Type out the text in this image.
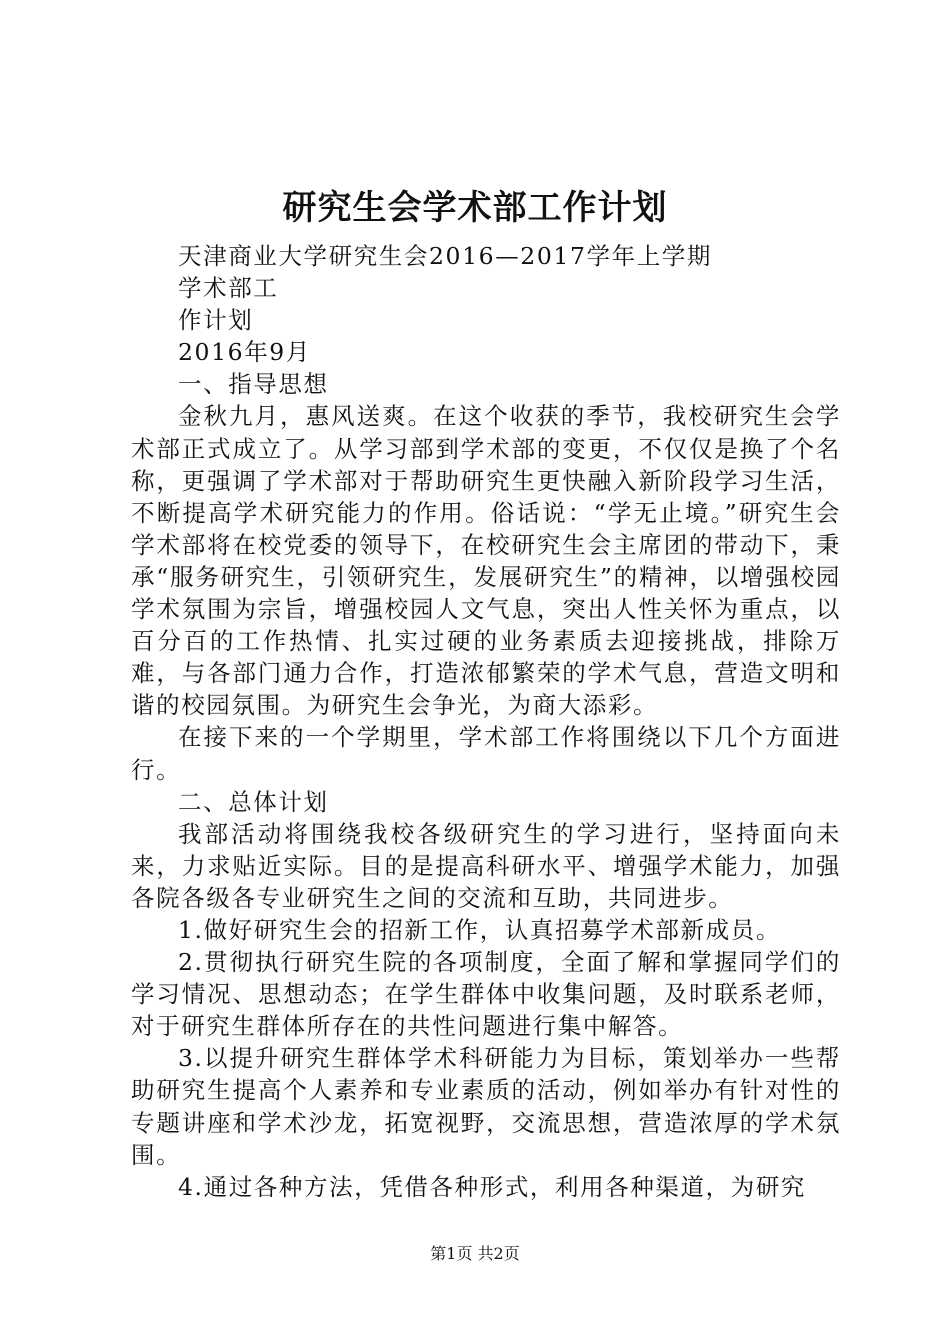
研究生会学术部工作计划

天津商业大学研究生会2016—2017学年上学期

学术部工

作计划

2016年9月

一、指导思想

金秋九月，惠风送爽。在这个收获的季节，我校研究生会学术部正式成立了。从学习部到学术部的变更，不仅仅是换了个名称，更强调了学术部对于帮助研究生更快融入新阶段学习生活，不断提高学术研究能力的作用。俗话说：“学无止境。”研究生会学术部将在校党委的领导下，在校研究生会主席团的带动下，秉承“服务研究生，引领研究生，发展研究生”的精神，以增强校园学术氛围为宗旨，增强校园人文气息，突出人性关怀为重点，以百分百的工作热情、扎实过硬的业务素质去迎接挑战，排除万难，与各部门通力合作，打造浓郁繁荣的学术气息，营造文明和谐的校园氛围。为研究生会争光，为商大添彩。

在接下来的一个学期里，学术部工作将围绕以下几个方面进行。

二、总体计划

我部活动将围绕我校各级研究生的学习进行，坚持面向未来，力求贴近实际。目的是提高科研水平、增强学术能力，加强各院各级各专业研究生之间的交流和互助，共同进步。

1.做好研究生会的招新工作，认真招募学术部新成员。

2.贯彻执行研究生院的各项制度，全面了解和掌握同学们的学习情况、思想动态；在学生群体中收集问题，及时联系老师，对于研究生群体所存在的共性问题进行集中解答。

3.以提升研究生群体学术科研能力为目标，策划举办一些帮助研究生提高个人素养和专业素质的活动，例如举办有针对性的专题讲座和学术沙龙，拓宽视野，交流思想，营造浓厚的学术氛围。

4.通过各种方法，凭借各种形式，利用各种渠道，为研究

第1页 共2页
